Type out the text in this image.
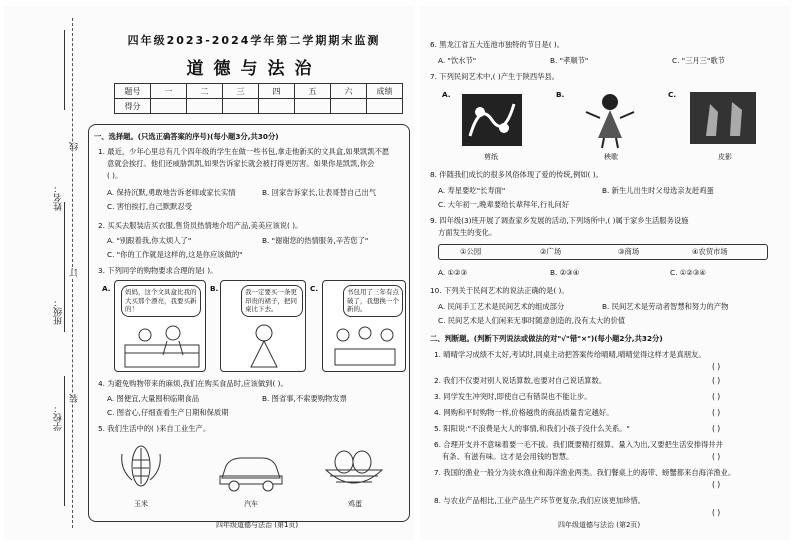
姓名：
班级：
学校：
线
订
装
四年级2023-2024学年第二学期期末监测
道德与法治
题号	一	二	三	四	五	六	成绩
得分							
一、选择题。(只选正确答案的序号)(每小题3分,共30分)
1. 最近，少年心里总有几个四年级的学生在做一些书包,拿走他新买的文具盒,如果凯凯不愿
意就会挨打。他们还威胁凯凯,如果告诉家长就会被打得更厉害。如果你是凯凯,你会
( )。
A. 保持沉默,勇敢地告诉老师或家长实情	B. 回家告诉家长,让表哥替自己出气
C. 害怕挨打,自己默默忍受
2. 买买去服装店买衣服,售货员热情地介绍产品,美美应该说( )。
A. "别跟着我,你太烦人了"	B. "谢谢您的热情服务,辛苦您了"
C. "你的工作就是这样的,这是你应该做的"
3. 下列同学的购物要求合理的是( )。
A.	妈妈，这个文具盒比我的大买那个漂亮，我要买新的！
B.	我一定要买一条更昂贵的裙子，把同桌比下去。
C.	书包用了三年有点破了，我想换一个新的。
4. 为避免购物带来的麻烦,我们在购买食品时,应该做到( )。
A. 图便宜,大量囤积临期食品	B. 图省事,不索要购物发票
C. 图省心,仔细查看生产日期和保质期
5. 我们生活中的( )来自工业生产。
玉米	汽车	鸡蛋
四年级道德与法治 (第1页)
6. 黑龙江省五大连池市独特的节日是( )。
A. "饮水节"	B. "孝顺节"	C. "三月三"歌节
7. 下列民间艺术中,( )产生于陕西华县。
A.	B.	C.
剪纸	秧歌	皮影
8. 伴随我们成长的很多风俗体现了爱的传统,例如( )。
A. 寿星要吃"长寿面"	B. 新生儿出生时父母选亲友赶鸡蛋
C. 大年初一,晚辈要给长辈拜年,行礼问好
9. 四年级(3)班开展了调查家乡发展的活动,下列场所中,( )属于家乡生活服务设施
方面发生的变化。
①公园	②广场	③商场	④农贸市场
A. ①②③	B. ②③④	C. ①②③④
10. 下列关于民间艺术的说法正确的是( )。
A. 民间手工艺术是民间艺术的组成部分	B. 民间艺术是劳动者智慧和努力的产物
C. 民间艺术是人们闲来无事时随意创造的,没有太大的价值
二、判断题。(判断下列说法或做法的对"√"错"×")(每小题2分,共32分)
1. 晴晴学习成绩不太好,考试时,同桌主动把答案传给晴晴,晴晴觉得这样才是真朋友。
( )
2. 我们不仅要对别人说话算数,也要对自己说话算数。	( )
3. 同学发生冲突时,即使自己有错误也不能让步。	( )
4. 网购和平时购物一样,价格越贵的商品质量肯定越好。	( )
5. 阳阳说:"不浪费是大人的事情,和我们小孩子没什么关系。"	( )
6. 合理开支并不意味着要一毛不拔。我们既要精打细算、量入为出,又要把生活安排得井井
有条、有滋有味。这才是会用钱的智慧。	( )
7. 我国的渔业一般分为淡水渔业和海洋渔业两类。我们餐桌上的海带、螃蟹都来自海洋渔业。
( )
8. 与农业产品相比,工业产品生产环节更复杂,我们应该更加珍惜。
( )
四年级道德与法治 (第2页)
